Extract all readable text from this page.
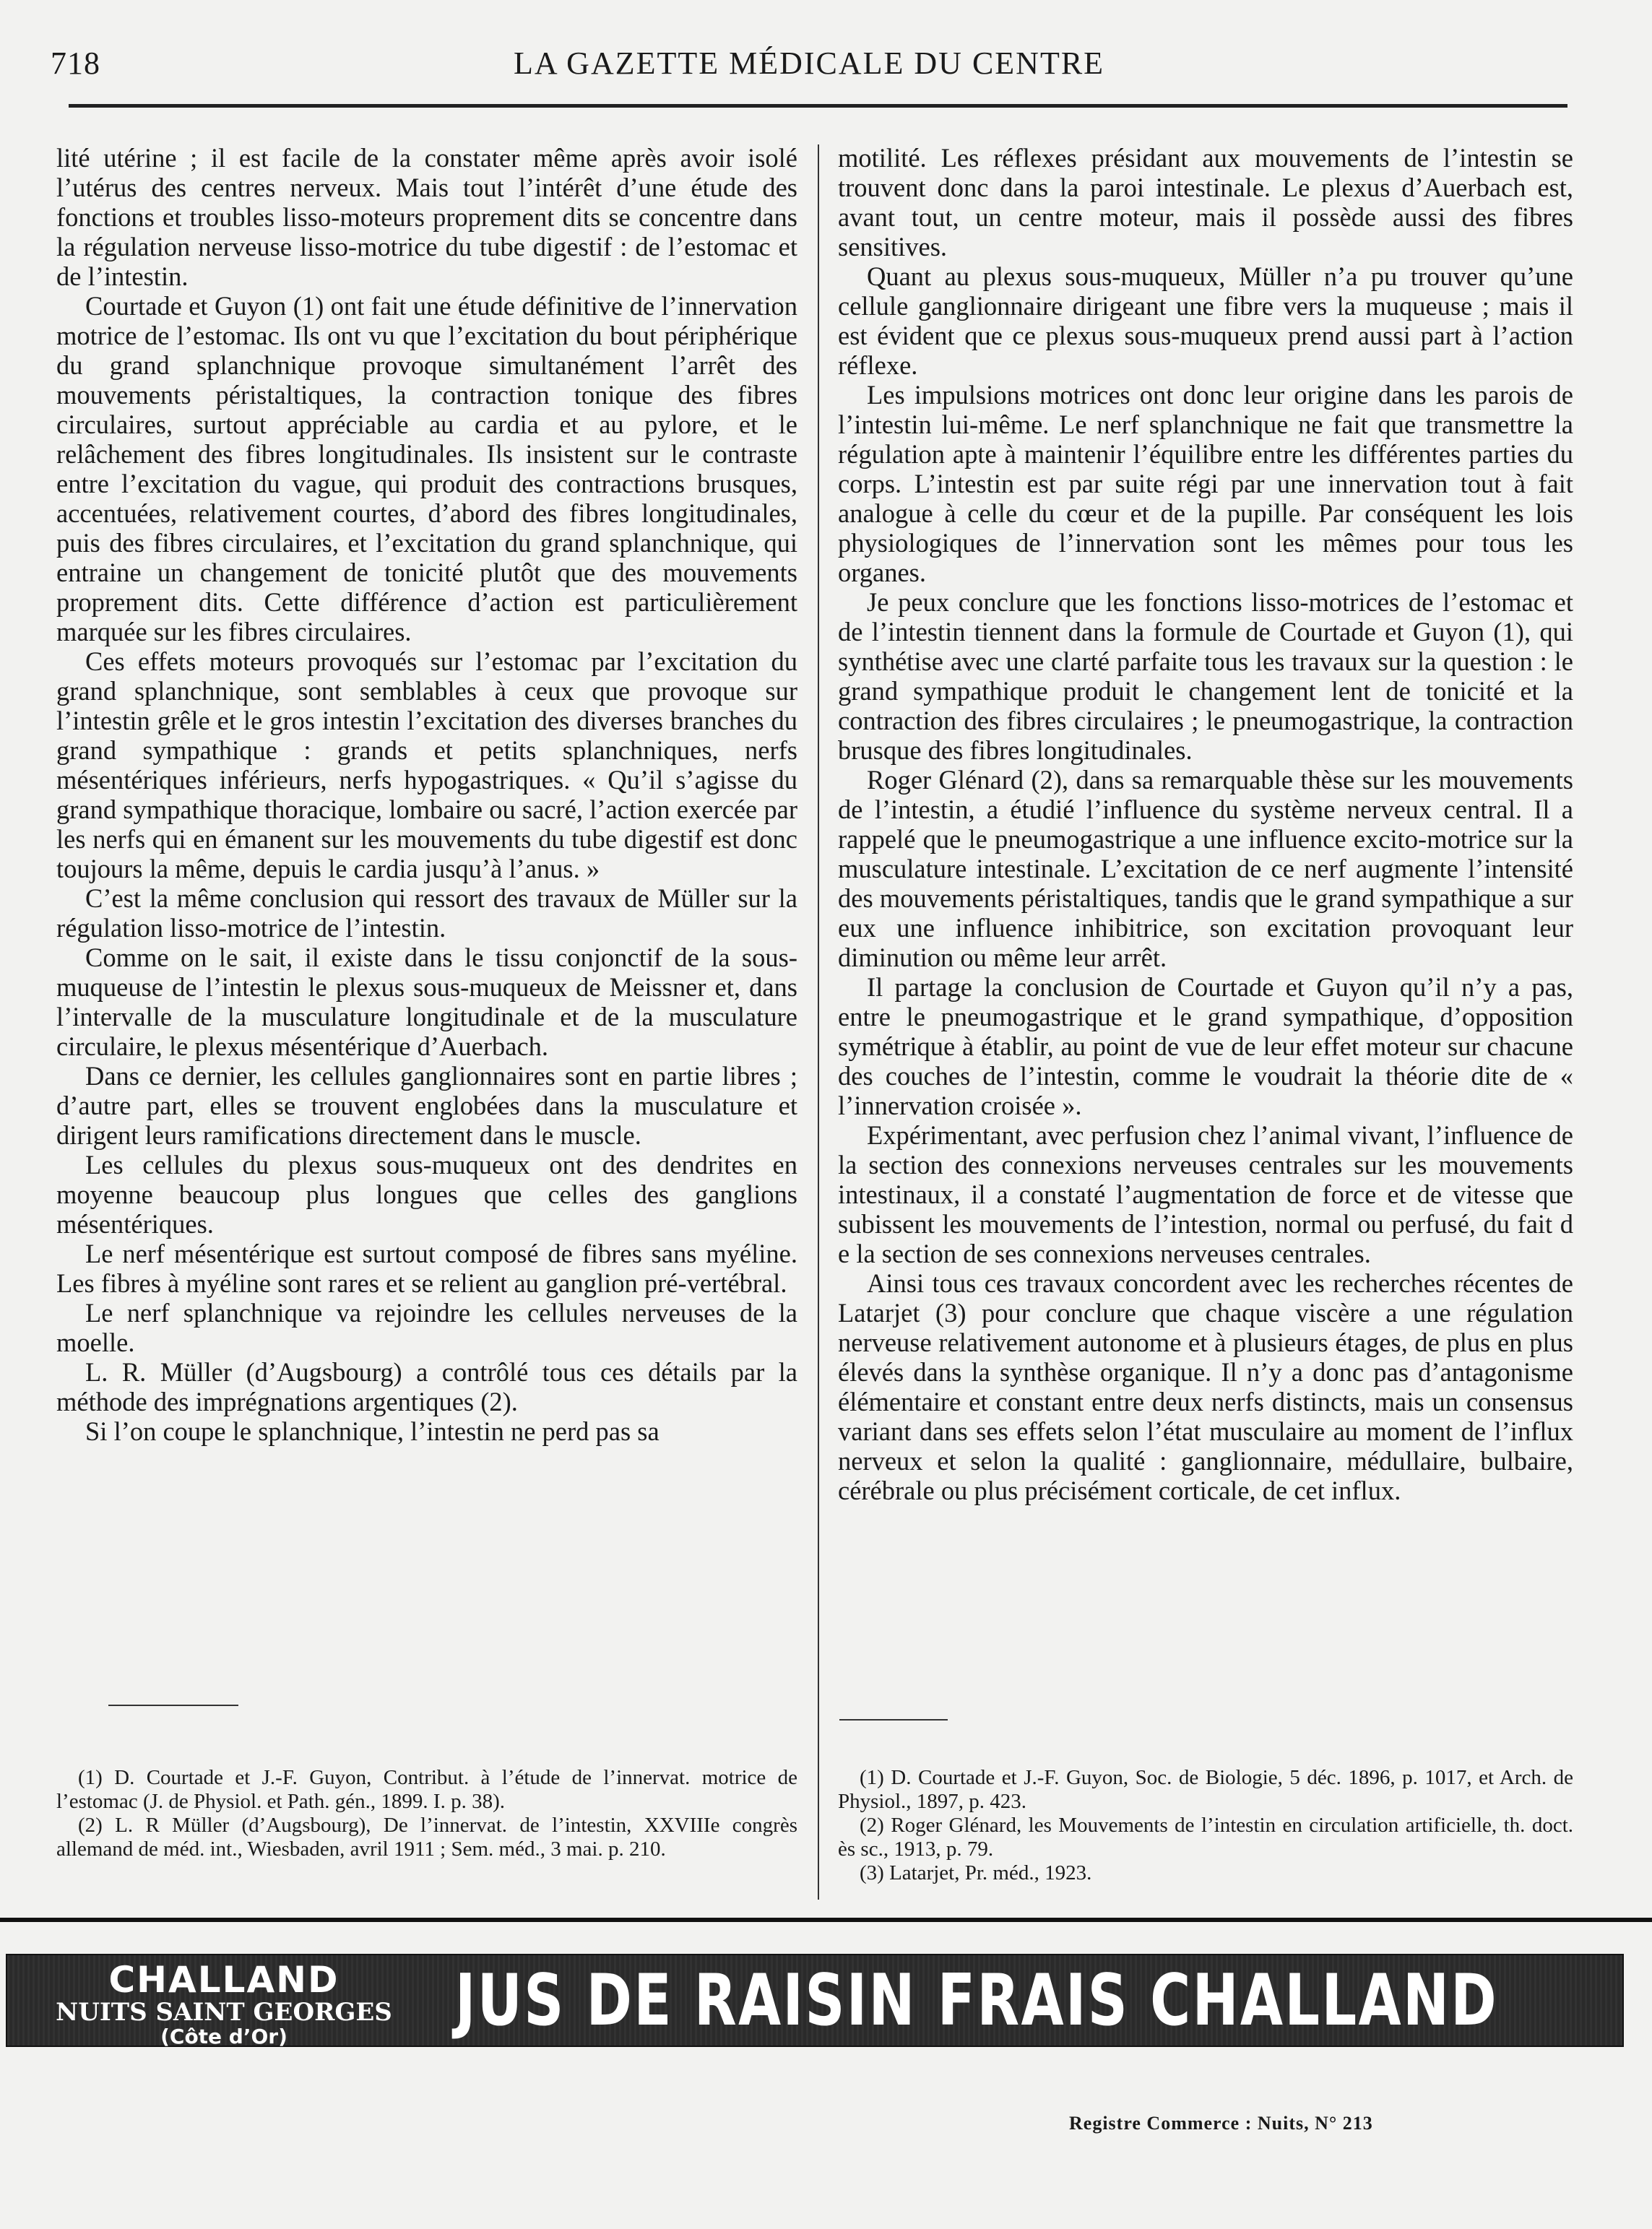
718	LA GAZETTE MÉDICALE DU CENTRE

lité utérine ; il est facile de la constater même après avoir isolé l’utérus des centres nerveux. Mais tout l’intérêt d’une étude des fonctions et troubles lisso-moteurs proprement dits se concentre dans la régulation nerveuse lisso-motrice du tube digestif : de l’estomac et de l’intestin.

Courtade et Guyon (1) ont fait une étude définitive de l’innervation motrice de l’estomac. Ils ont vu que l’excitation du bout périphérique du grand splanchnique provoque simultanément l’arrêt des mouvements péristaltiques, la contraction tonique des fibres circulaires, surtout appréciable au cardia et au pylore, et le relâchement des fibres longitudinales. Ils insistent sur le contraste entre l’excitation du vague, qui produit des contractions brusques, accentuées, relativement courtes, d’abord des fibres longitudinales, puis des fibres circulaires, et l’excitation du grand splanchnique, qui entraine un changement de tonicité plutôt que des mouvements proprement dits. Cette différence d’action est particulièrement marquée sur les fibres circulaires.

Ces effets moteurs provoqués sur l’estomac par l’excitation du grand splanchnique, sont semblables à ceux que provoque sur l’intestin grêle et le gros intestin l’excitation des diverses branches du grand sympathique : grands et petits splanchniques, nerfs mésentériques inférieurs, nerfs hypogastriques. « Qu’il s’agisse du grand sympathique thoracique, lombaire ou sacré, l’action exercée par les nerfs qui en émanent sur les mouvements du tube digestif est donc toujours la même, depuis le cardia jusqu’à l’anus. »

C’est la même conclusion qui ressort des travaux de Müller sur la régulation lisso-motrice de l’intestin.

Comme on le sait, il existe dans le tissu conjonctif de la sous-muqueuse de l’intestin le plexus sous-muqueux de Meissner et, dans l’intervalle de la musculature longitudinale et de la musculature circulaire, le plexus mésentérique d’Auerbach.

Dans ce dernier, les cellules ganglionnaires sont en partie libres ; d’autre part, elles se trouvent englobées dans la musculature et dirigent leurs ramifications directement dans le muscle.

Les cellules du plexus sous-muqueux ont des dendrites en moyenne beaucoup plus longues que celles des ganglions mésentériques.

Le nerf mésentérique est surtout composé de fibres sans myéline. Les fibres à myéline sont rares et se relient au ganglion pré-vertébral.

Le nerf splanchnique va rejoindre les cellules nerveuses de la moelle.

L. R. Müller (d’Augsbourg) a contrôlé tous ces détails par la méthode des imprégnations argentiques (2).

Si l’on coupe le splanchnique, l’intestin ne perd pas sa

motilité. Les réflexes présidant aux mouvements de l’intestin se trouvent donc dans la paroi intestinale. Le plexus d’Auerbach est, avant tout, un centre moteur, mais il possède aussi des fibres sensitives.

Quant au plexus sous-muqueux, Müller n’a pu trouver qu’une cellule ganglionnaire dirigeant une fibre vers la muqueuse ; mais il est évident que ce plexus sous-muqueux prend aussi part à l’action réflexe.

Les impulsions motrices ont donc leur origine dans les parois de l’intestin lui-même. Le nerf splanchnique ne fait que transmettre la régulation apte à maintenir l’équilibre entre les différentes parties du corps. L’intestin est par suite régi par une innervation tout à fait analogue à celle du cœur et de la pupille. Par conséquent les lois physiologiques de l’innervation sont les mêmes pour tous les organes.

Je peux conclure que les fonctions lisso-motrices de l’estomac et de l’intestin tiennent dans la formule de Courtade et Guyon (1), qui synthétise avec une clarté parfaite tous les travaux sur la question : le grand sympathique produit le changement lent de tonicité et la contraction des fibres circulaires ; le pneumogastrique, la contraction brusque des fibres longitudinales.

Roger Glénard (2), dans sa remarquable thèse sur les mouvements de l’intestin, a étudié l’influence du système nerveux central. Il a rappelé que le pneumogastrique a une influence excito-motrice sur la musculature intestinale. L’excitation de ce nerf augmente l’intensité des mouvements péristaltiques, tandis que le grand sympathique a sur eux une influence inhibitrice, son excitation provoquant leur diminution ou même leur arrêt.

Il partage la conclusion de Courtade et Guyon qu’il n’y a pas, entre le pneumogastrique et le grand sympathique, d’opposition symétrique à établir, au point de vue de leur effet moteur sur chacune des couches de l’intestin, comme le voudrait la théorie dite de « l’innervation croisée ».

Expérimentant, avec perfusion chez l’animal vivant, l’influence de la section des connexions nerveuses centrales sur les mouvements intestinaux, il a constaté l’augmentation de force et de vitesse que subissent les mouvements de l’intestion, normal ou perfusé, du fait d e la section de ses connexions nerveuses centrales.

Ainsi tous ces travaux concordent avec les recherches récentes de Latarjet (3) pour conclure que chaque viscère a une régulation nerveuse relativement autonome et à plusieurs étages, de plus en plus élevés dans la synthèse organique. Il n’y a donc pas d’antagonisme élémentaire et constant entre deux nerfs distincts, mais un consensus variant dans ses effets selon l’état musculaire au moment de l’influx nerveux et selon la qualité : ganglionnaire, médullaire, bulbaire, cérébrale ou plus précisément corticale, de cet influx.

(1) D. Courtade et J.-F. Guyon, Contribut. à l’étude de l’innervat. motrice de l’estomac (J. de Physiol. et Path. gén., 1899. I. p. 38).

(2) L. R Müller (d’Augsbourg), De l’innervat. de l’intestin, XXVIIIe congrès allemand de méd. int., Wiesbaden, avril 1911 ; Sem. méd., 3 mai. p. 210.

(1) D. Courtade et J.-F. Guyon, Soc. de Biologie, 5 déc. 1896, p. 1017, et Arch. de Physiol., 1897, p. 423.

(2) Roger Glénard, les Mouvements de l’intestin en circulation artificielle, th. doct. ès sc., 1913, p. 79.

(3) Latarjet, Pr. méd., 1923.

CHALLAND
NUITS SAINT GEORGES
(Côte d’Or)	JUS DE RAISIN FRAIS CHALLAND
Registre Commerce : Nuits, N° 213
